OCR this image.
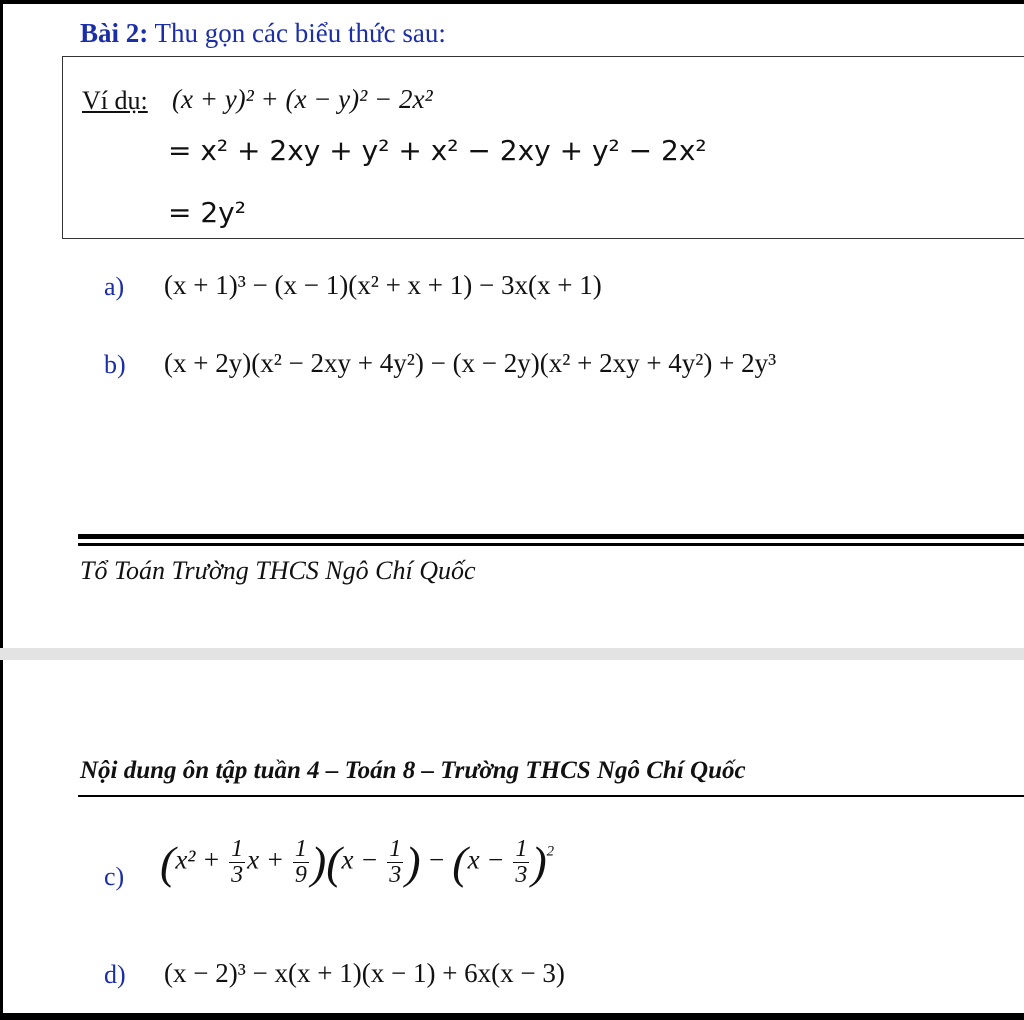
Bài 2: Thu gọn các biểu thức sau:
Ví dụ: (x + y)² + (x − y)² − 2x²
= x² + 2xy + y² + x² − 2xy + y² − 2x²
= 2y²
a) (x + 1)³ − (x − 1)(x² + x + 1) − 3x(x + 1)
b) (x + 2y)(x² − 2xy + 4y²) − (x − 2y)(x² + 2xy + 4y²) + 2y³
Tổ Toán Trường THCS Ngô Chí Quốc
Nội dung ôn tập tuần 4 – Toán 8 – Trường THCS Ngô Chí Quốc
c) ($x^2 + \frac{1}{3}$ $x + \frac{1}{9} )(x - \frac{1}{3}$ ) − $(x - \frac{1}{3} )^2$
d) (x − 2)³ − x(x + 1)(x − 1) + 6x(x − 3)
